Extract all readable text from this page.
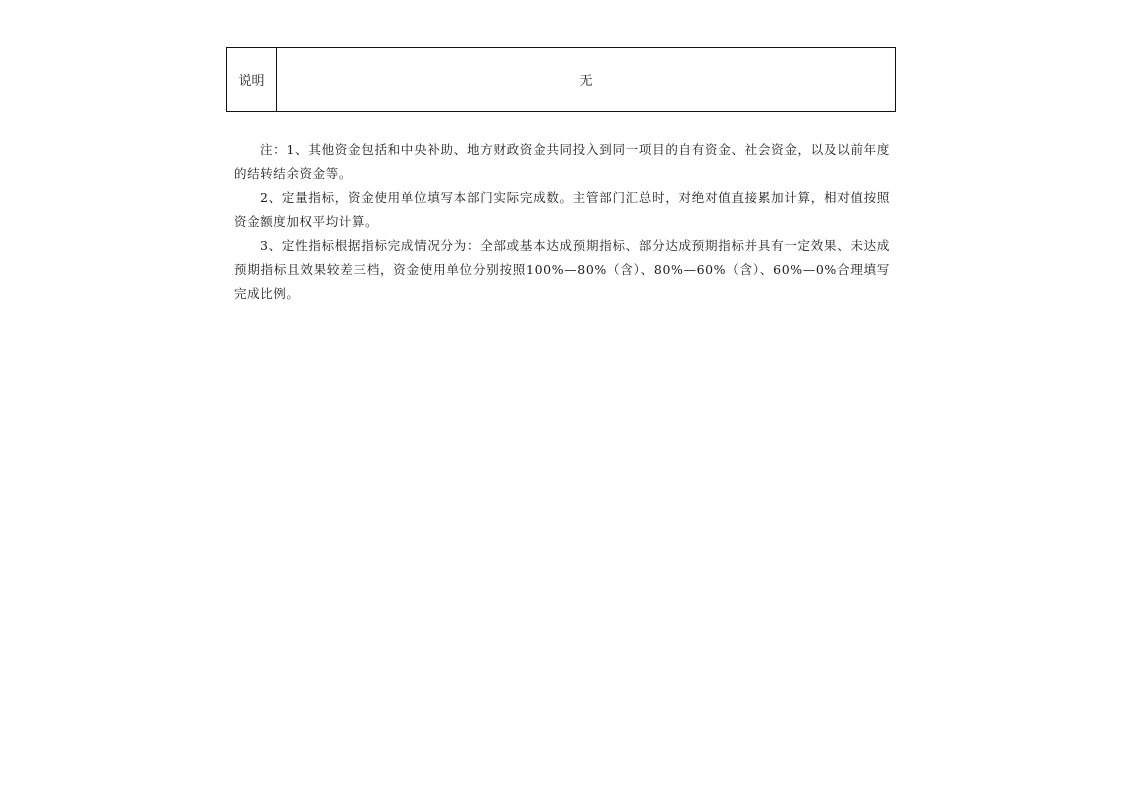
说明	无

注：1、其他资金包括和中央补助、地方财政资金共同投入到同一项目的自有资金、社会资金，以及以前年度的结转结余资金等。

2、定量指标，资金使用单位填写本部门实际完成数。主管部门汇总时，对绝对值直接累加计算，相对值按照资金额度加权平均计算。

3、定性指标根据指标完成情况分为：全部或基本达成预期指标、部分达成预期指标并具有一定效果、未达成预期指标且效果较差三档，资金使用单位分别按照100%—80%（含）、80%—60%（含）、60%—0%合理填写完成比例。
